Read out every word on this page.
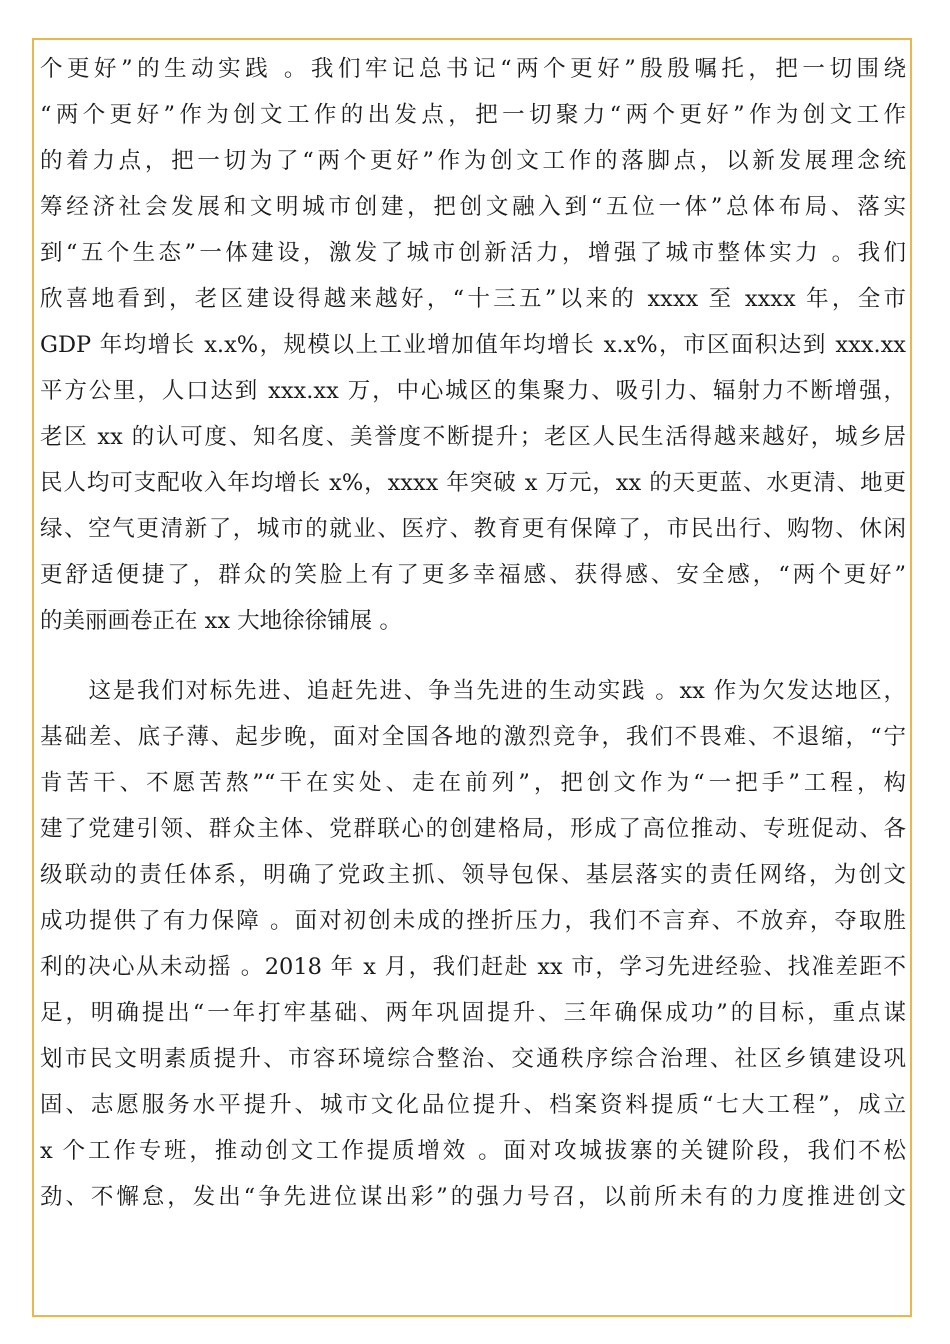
个更好”的生动实践 。我们牢记总书记“两个更好”殷殷嘱托，把一切围绕
“两个更好”作为创文工作的出发点，把一切聚力“两个更好”作为创文工作
的着力点，把一切为了“两个更好”作为创文工作的落脚点，以新发展理念统
筹经济社会发展和文明城市创建，把创文融入到“五位一体”总体布局、落实
到“五个生态”一体建设，激发了城市创新活力，增强了城市整体实力 。我们
欣喜地看到，老区建设得越来越好，“十三五”以来的 xxxx 至 xxxx 年，全市
GDP 年均增长 x.x%，规模以上工业增加值年均增长 x.x%，市区面积达到 xxx.xx
平方公里，人口达到 xxx.xx 万，中心城区的集聚力、吸引力、辐射力不断增强，
老区 xx 的认可度、知名度、美誉度不断提升；老区人民生活得越来越好，城乡居
民人均可支配收入年均增长 x%，xxxx 年突破 x 万元，xx 的天更蓝、水更清、地更
绿、空气更清新了，城市的就业、医疗、教育更有保障了，市民出行、购物、休闲
更舒适便捷了，群众的笑脸上有了更多幸福感、获得感、安全感，“两个更好”
的美丽画卷正在 xx 大地徐徐铺展 。
　　这是我们对标先进、追赶先进、争当先进的生动实践 。xx 作为欠发达地区，
基础差、底子薄、起步晚，面对全国各地的激烈竞争，我们不畏难、不退缩，“宁
肯苦干、不愿苦熬”“干在实处、走在前列”，把创文作为“一把手”工程，构
建了党建引领、群众主体、党群联心的创建格局，形成了高位推动、专班促动、各
级联动的责任体系，明确了党政主抓、领导包保、基层落实的责任网络，为创文
成功提供了有力保障 。面对初创未成的挫折压力，我们不言弃、不放弃，夺取胜
利的决心从未动摇 。2018 年 x 月，我们赶赴 xx 市，学习先进经验、找准差距不
足，明确提出“一年打牢基础、两年巩固提升、三年确保成功”的目标，重点谋
划市民文明素质提升、市容环境综合整治、交通秩序综合治理、社区乡镇建设巩
固、志愿服务水平提升、城市文化品位提升、档案资料提质“七大工程”，成立
x 个工作专班，推动创文工作提质增效 。面对攻城拔寨的关键阶段，我们不松
劲、不懈怠，发出“争先进位谋出彩”的强力号召，以前所未有的力度推进创文
